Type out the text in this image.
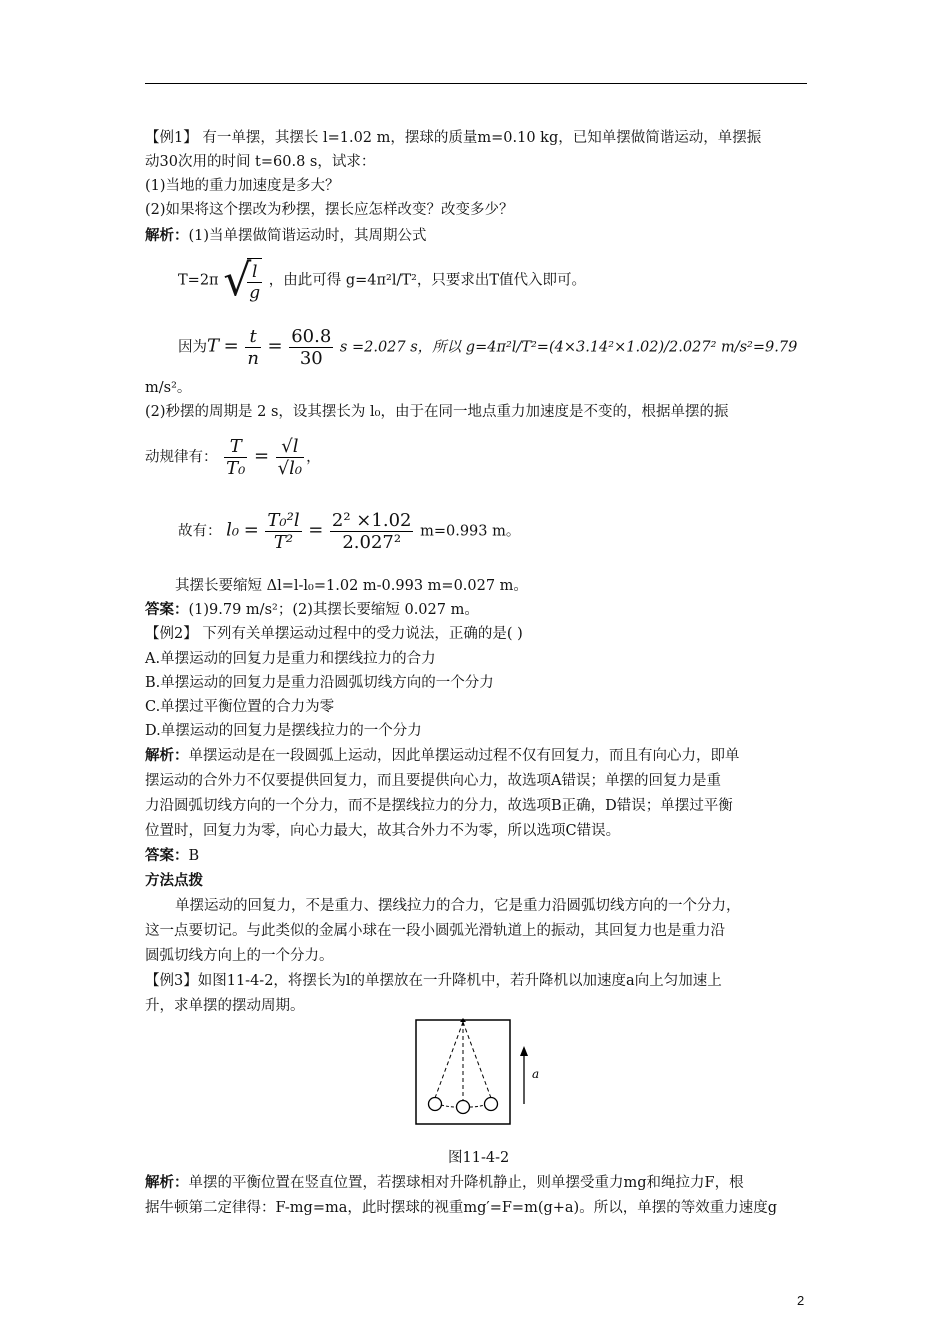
【例1】 有一单摆，其摆长 l=1.02 m，摆球的质量m=0.10 kg，已知单摆做简谐运动，单摆振
动30次用的时间 t=60.8 s，试求：
(1)当地的重力加速度是多大？
(2)如果将这个摆改为秒摆，摆长应怎样改变？改变多少？
解析：(1)当单摆做简谐运动时，其周期公式
T=2π √
$\frac{l}{g}$ ，由此可得 g=4π²l/T²，只要求出T值代入即可。
因为$T = \frac{t}{n} = \frac{60.8}{30}$ s =2.027 s，所以 g=4π²l/T²=(4×3.14²×1.02)/2.027² m/s²=9.79
m/s²。
(2)秒摆的周期是 2 s，设其摆长为 l₀，由于在同一地点重力加速度是不变的，根据单摆的振
动规律有： $\frac{T}{\text{T₀}} = \frac{√l}{\text{√l₀}}$ ，
故有： $l_0 = \frac{\text{T₀²l}}{\text{T²}} = \frac{\text{2² ×1.02}}{\text{2.027²}} m=0.993$ m。
其摆长要缩短 Δl=l-l₀=1.02 m-0.993 m=0.027 m。
答案：(1)9.79 m/s²；(2)其摆长要缩短 0.027 m。
【例2】 下列有关单摆运动过程中的受力说法，正确的是( )
A.单摆运动的回复力是重力和摆线拉力的合力
B.单摆运动的回复力是重力沿圆弧切线方向的一个分力
C.单摆过平衡位置的合力为零
D.单摆运动的回复力是摆线拉力的一个分力
解析：单摆运动是在一段圆弧上运动，因此单摆运动过程不仅有回复力，而且有向心力，即单
摆运动的合外力不仅要提供回复力，而且要提供向心力，故选项A错误；单摆的回复力是重
力沿圆弧切线方向的一个分力，而不是摆线拉力的分力，故选项B正确，D错误；单摆过平衡
位置时，回复力为零，向心力最大，故其合外力不为零，所以选项C错误。
答案：B
方法点拨
单摆运动的回复力，不是重力、摆线拉力的合力，它是重力沿圆弧切线方向的一个分力，
这一点要切记。与此类似的金属小球在一段小圆弧光滑轨道上的振动，其回复力也是重力沿
圆弧切线方向上的一个分力。
【例3】如图11-4-2，将摆长为l的单摆放在一升降机中，若升降机以加速度a向上匀加速上
升，求单摆的摆动周期。
a
图11-4-2
解析：单摆的平衡位置在竖直位置，若摆球相对升降机静止，则单摆受重力mg和绳拉力F，根
据牛顿第二定律得：F-mg=ma，此时摆球的视重mg′=F=m(g+a)。所以，单摆的等效重力速度g
2
